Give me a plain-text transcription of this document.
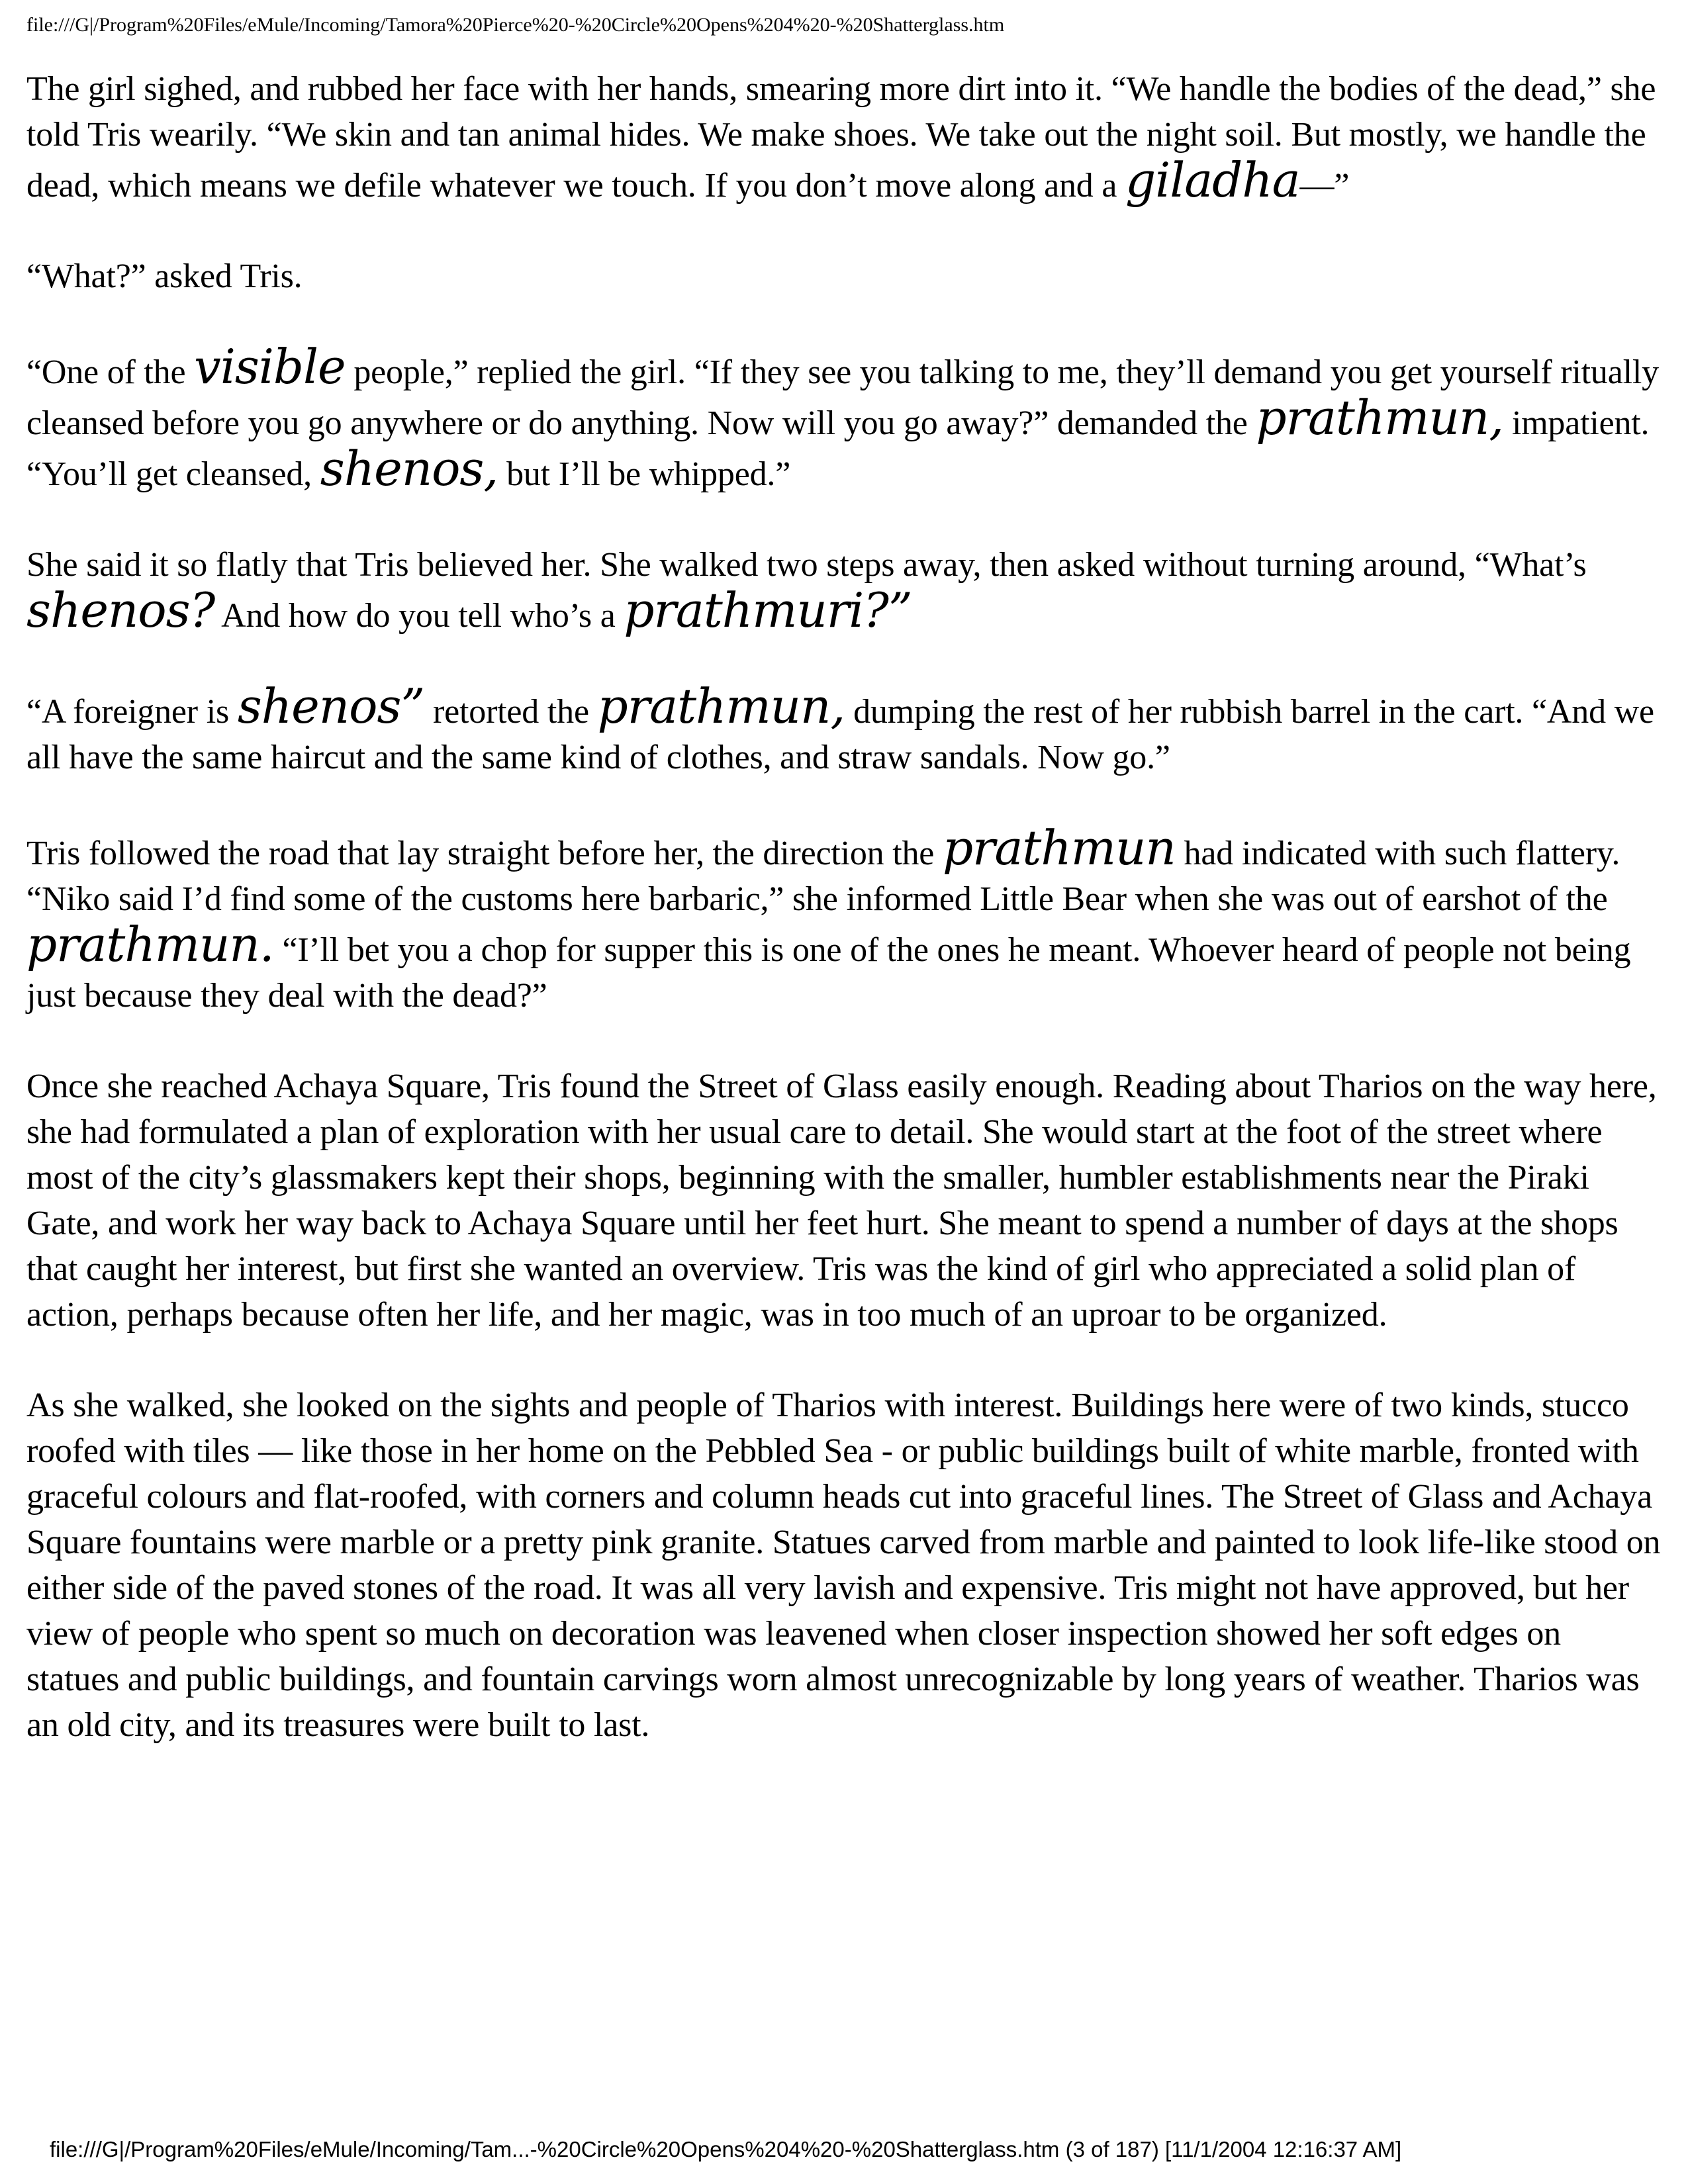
file:///G|/Program%20Files/eMule/Incoming/Tamora%20Pierce%20-%20Circle%20Opens%204%20-%20Shatterglass.htm

The girl sighed, and rubbed her face with her hands, smearing more dirt into it. “We handle the bodies of the dead,” she told Tris wearily. “We skin and tan animal hides. We make shoes. We take out the night soil. But mostly, we handle the dead, which means we defile whatever we touch. If you don’t move along and a giladha—”

“What?” asked Tris.

“One of the visible people,” replied the girl. “If they see you talking to me, they’ll demand you get yourself ritually cleansed before you go anywhere or do anything. Now will you go away?” demanded the prathmun, impatient. “You’ll get cleansed, shenos, but I’ll be whipped.”

She said it so flatly that Tris believed her. She walked two steps away, then asked without turning around, “What’s shenos? And how do you tell who’s a prathmuri?”

“A foreigner is shenos” retorted the prathmun, dumping the rest of her rubbish barrel in the cart. “And we all have the same haircut and the same kind of clothes, and straw sandals. Now go.”

Tris followed the road that lay straight before her, the direction the prathmun had indicated with such flattery. “Niko said I’d find some of the customs here barbaric,” she informed Little Bear when she was out of earshot of the prathmun. “I’ll bet you a chop for supper this is one of the ones he meant. Whoever heard of people not being just because they deal with the dead?”

Once she reached Achaya Square, Tris found the Street of Glass easily enough. Reading about Tharios on the way here, she had formulated a plan of exploration with her usual care to detail. She would start at the foot of the street where most of the city’s glassmakers kept their shops, beginning with the smaller, humbler establishments near the Piraki Gate, and work her way back to Achaya Square until her feet hurt. She meant to spend a number of days at the shops that caught her interest, but first she wanted an overview. Tris was the kind of girl who appreciated a solid plan of action, perhaps because often her life, and her magic, was in too much of an uproar to be organized.

As she walked, she looked on the sights and people of Tharios with interest. Buildings here were of two kinds, stucco roofed with tiles — like those in her home on the Pebbled Sea - or public buildings built of white marble, fronted with graceful colours and flat-roofed, with corners and column heads cut into graceful lines. The Street of Glass and Achaya Square fountains were marble or a pretty pink granite. Statues carved from marble and painted to look life-like stood on either side of the paved stones of the road. It was all very lavish and expensive. Tris might not have approved, but her view of people who spent so much on decoration was leavened when closer inspection showed her soft edges on statues and public buildings, and fountain carvings worn almost unrecognizable by long years of weather. Tharios was an old city, and its treasures were built to last.

file:///G|/Program%20Files/eMule/Incoming/Tam...-%20Circle%20Opens%204%20-%20Shatterglass.htm (3 of 187) [11/1/2004 12:16:37 AM]
